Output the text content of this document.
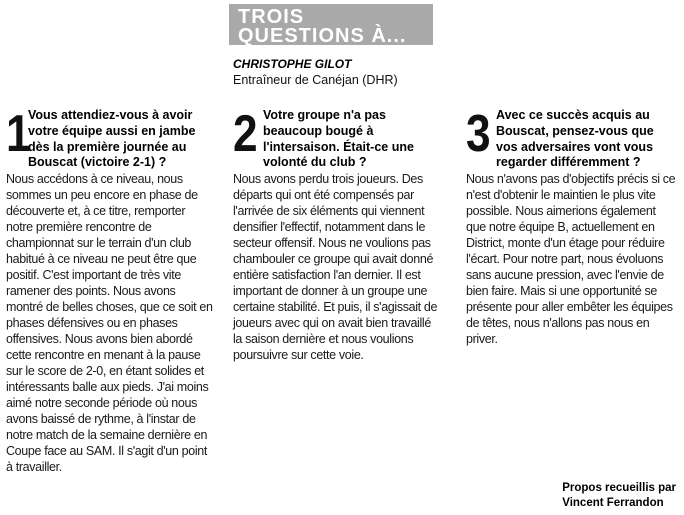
TROIS
QUESTIONS À...
CHRISTOPHE GILOT
Entraîneur de Canéjan (DHR)
1

Vous attendiez-vous à avoir votre équipe aussi en jambe dès la première journée au Bouscat (victoire 2-1) ?

Nous accédons à ce niveau, nous sommes un peu encore en phase de découverte et, à ce titre, remporter notre première rencontre de championnat sur le terrain d'un club habitué à ce niveau ne peut être que positif. C'est important de très vite ramener des points. Nous avons montré de belles choses, que ce soit en phases défensives ou en phases offensives. Nous avons bien abordé cette rencontre en menant à la pause sur le score de 2-0, en étant solides et intéressants balle aux pieds. J'ai moins aimé notre seconde période où nous avons baissé de rythme, à l'instar de notre match de la semaine dernière en Coupe face au SAM. Il s'agit d'un point à travailler.

2 Votre groupe n'a pas beaucoup bougé à l'intersaison. Était-ce une volonté du club ?

Nous avons perdu trois joueurs. Des départs qui ont été compensés par l'arrivée de six éléments qui viennent densifier l'effectif, notamment dans le secteur offensif. Nous ne voulions pas chambouler ce groupe qui avait donné entière satisfaction l'an dernier. Il est important de donner à un groupe une certaine stabilité. Et puis, il s'agissait de joueurs avec qui on avait bien travaillé la saison dernière et nous voulions poursuivre sur cette voie.

3 Avec ce succès acquis au Bouscat, pensez-vous que vos adversaires vont vous regarder différemment ?

Nous n'avons pas d'objectifs précis si ce n'est d'obtenir le maintien le plus vite possible. Nous aimerions également que notre équipe B, actuellement en District, monte d'un étage pour réduire l'écart. Pour notre part, nous évoluons sans aucune pression, avec l'envie de bien faire. Mais si une opportunité se présente pour aller embêter les équipes de têtes, nous n'allons pas nous en priver.

Propos recueillis par
Vincent Ferrandon
